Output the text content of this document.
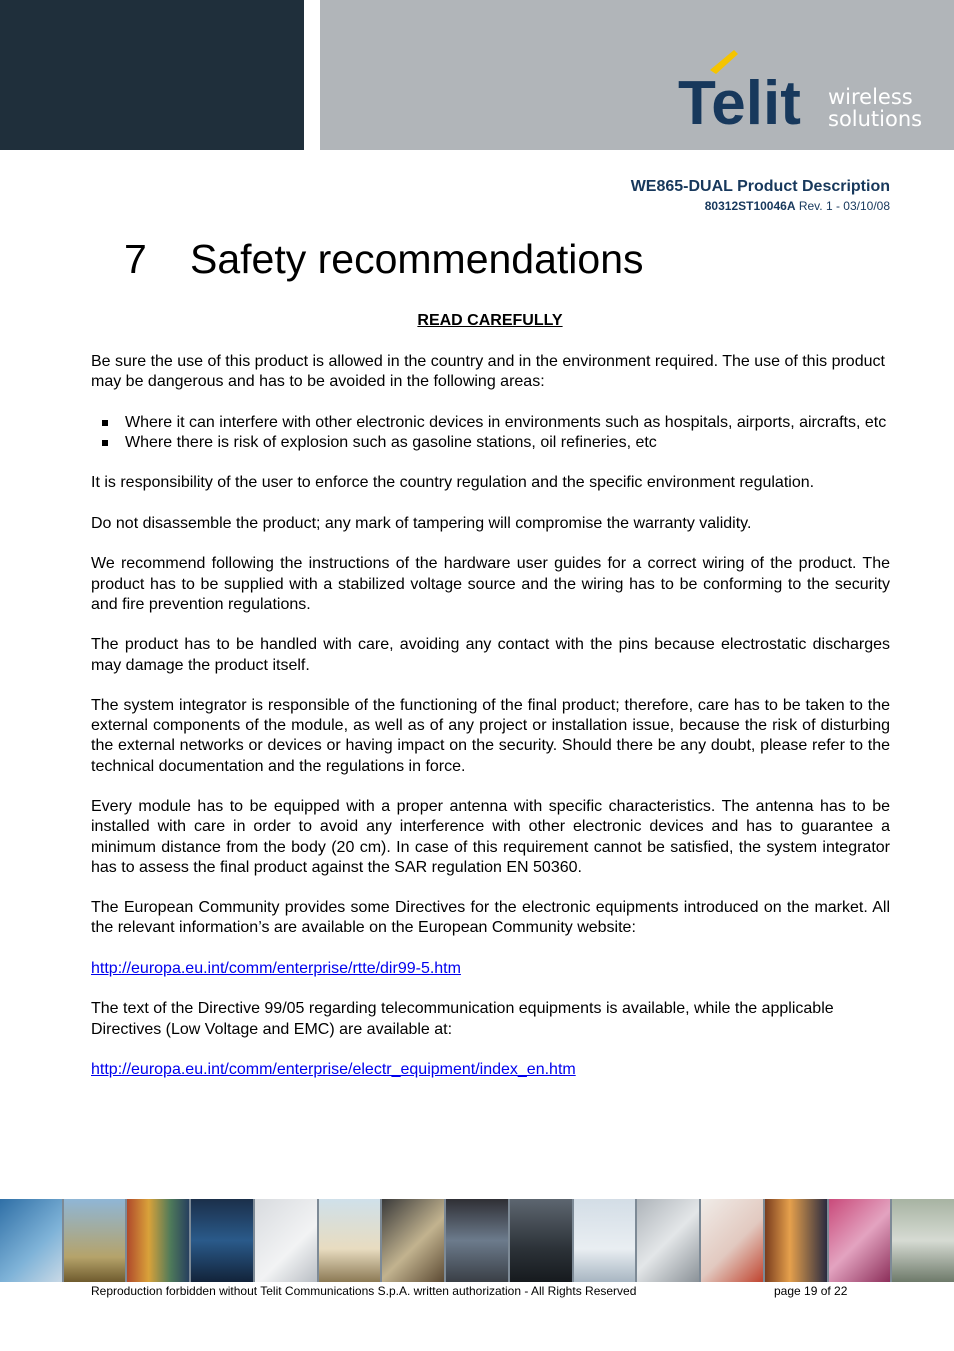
Telit wireless
solutions
WE865-DUAL Product Description
80312ST10046A Rev. 1 - 03/10/08
7 Safety recommendations
READ CAREFULLY

Be sure the use of this product is allowed in the country and in the environment required. The use of this product may be dangerous and has to be avoided in the following areas:

Where it can interfere with other electronic devices in environments such as hospitals, airports, aircrafts, etc
Where there is risk of explosion such as gasoline stations, oil refineries, etc

It is responsibility of the user to enforce the country regulation and the specific environment regulation.

Do not disassemble the product; any mark of tampering will compromise the warranty validity.

We recommend following the instructions of the hardware user guides for a correct wiring of the product. The product has to be supplied with a stabilized voltage source and the wiring has to be conforming to the security and fire prevention regulations.

The product has to be handled with care, avoiding any contact with the pins because electrostatic discharges may damage the product itself.

The system integrator is responsible of the functioning of the final product; therefore, care has to be taken to the external components of the module, as well as of any project or installation issue, because the risk of disturbing the external networks or devices or having impact on the security. Should there be any doubt, please refer to the technical documentation and the regulations in force.

Every module has to be equipped with a proper antenna with specific characteristics. The antenna has to be installed with care in order to avoid any interference with other electronic devices and has to guarantee a minimum distance from the body (20 cm). In case of this requirement cannot be satisfied, the system integrator has to assess the final product against the SAR regulation EN 50360.

The European Community provides some Directives for the electronic equipments introduced on the market. All the relevant information’s are available on the European Community website:

http://europa.eu.int/comm/enterprise/rtte/dir99-5.htm

The text of the Directive 99/05 regarding telecommunication equipments is available, while the applicable Directives (Low Voltage and EMC) are available at:

http://europa.eu.int/comm/enterprise/electr_equipment/index_en.htm

Reproduction forbidden without Telit Communications S.p.A. written authorization - All Rights Reserved	page 19 of 22
